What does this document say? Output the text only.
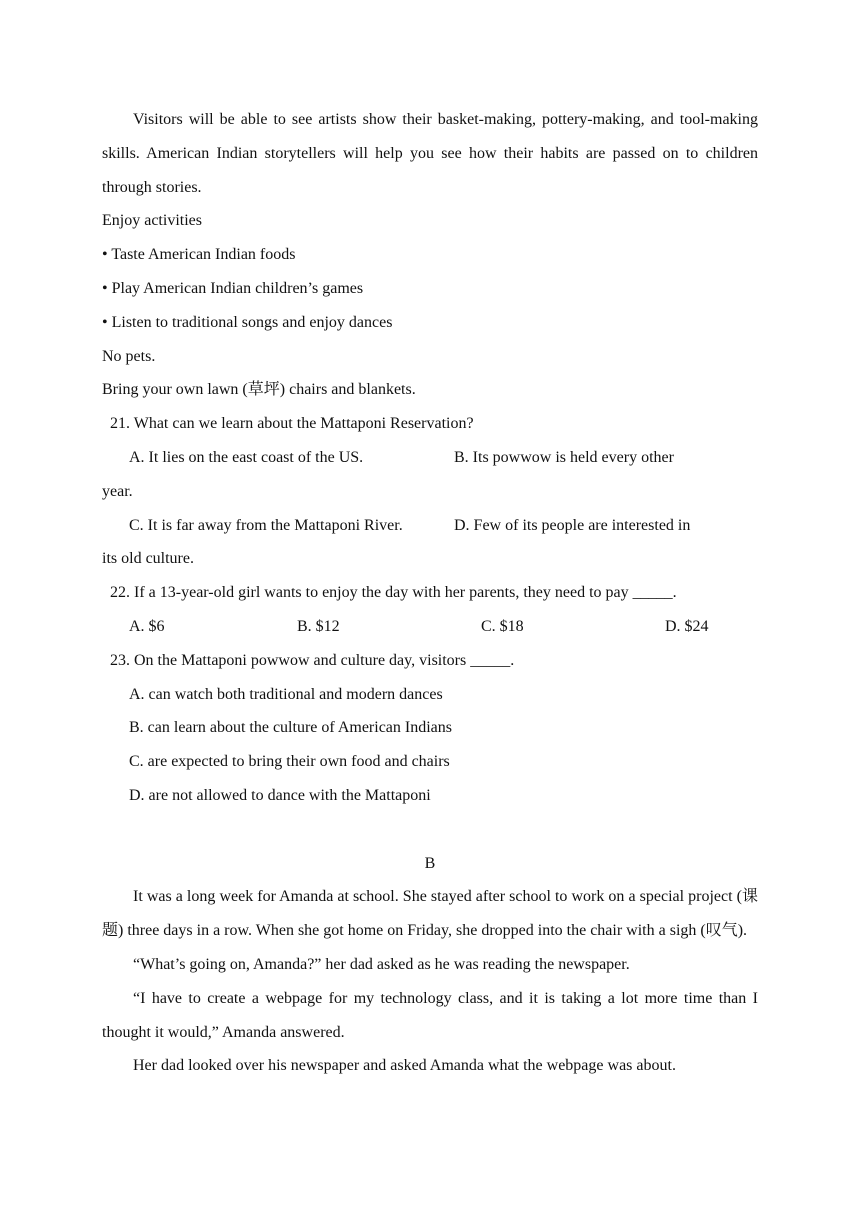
Visitors will be able to see artists show their basket-making, pottery-making, and tool-making skills. American Indian storytellers will help you see how their habits are passed on to children through stories.
Enjoy activities
• Taste American Indian foods
• Play American Indian children’s games
• Listen to traditional songs and enjoy dances
No pets.
Bring your own lawn (草坪) chairs and blankets.
21. What can we learn about the Mattaponi Reservation?
A. It lies on the east coast of the US.	B. Its powwow is held every other
year.
C. It is far away from the Mattaponi River.	D. Few of its people are interested in
its old culture.
22. If a 13-year-old girl wants to enjoy the day with her parents, they need to pay _____.
A. $6	B. $12	C. $18	D. $24
23. On the Mattaponi powwow and culture day, visitors _____.
A. can watch both traditional and modern dances
B. can learn about the culture of American Indians
C. are expected to bring their own food and chairs
D. are not allowed to dance with the Mattaponi
B
It was a long week for Amanda at school. She stayed after school to work on a special project (课题) three days in a row. When she got home on Friday, she dropped into the chair with a sigh (叹气).
“What’s going on, Amanda?” her dad asked as he was reading the newspaper.
“I have to create a webpage for my technology class, and it is taking a lot more time than I thought it would,” Amanda answered.
Her dad looked over his newspaper and asked Amanda what the webpage was about.
